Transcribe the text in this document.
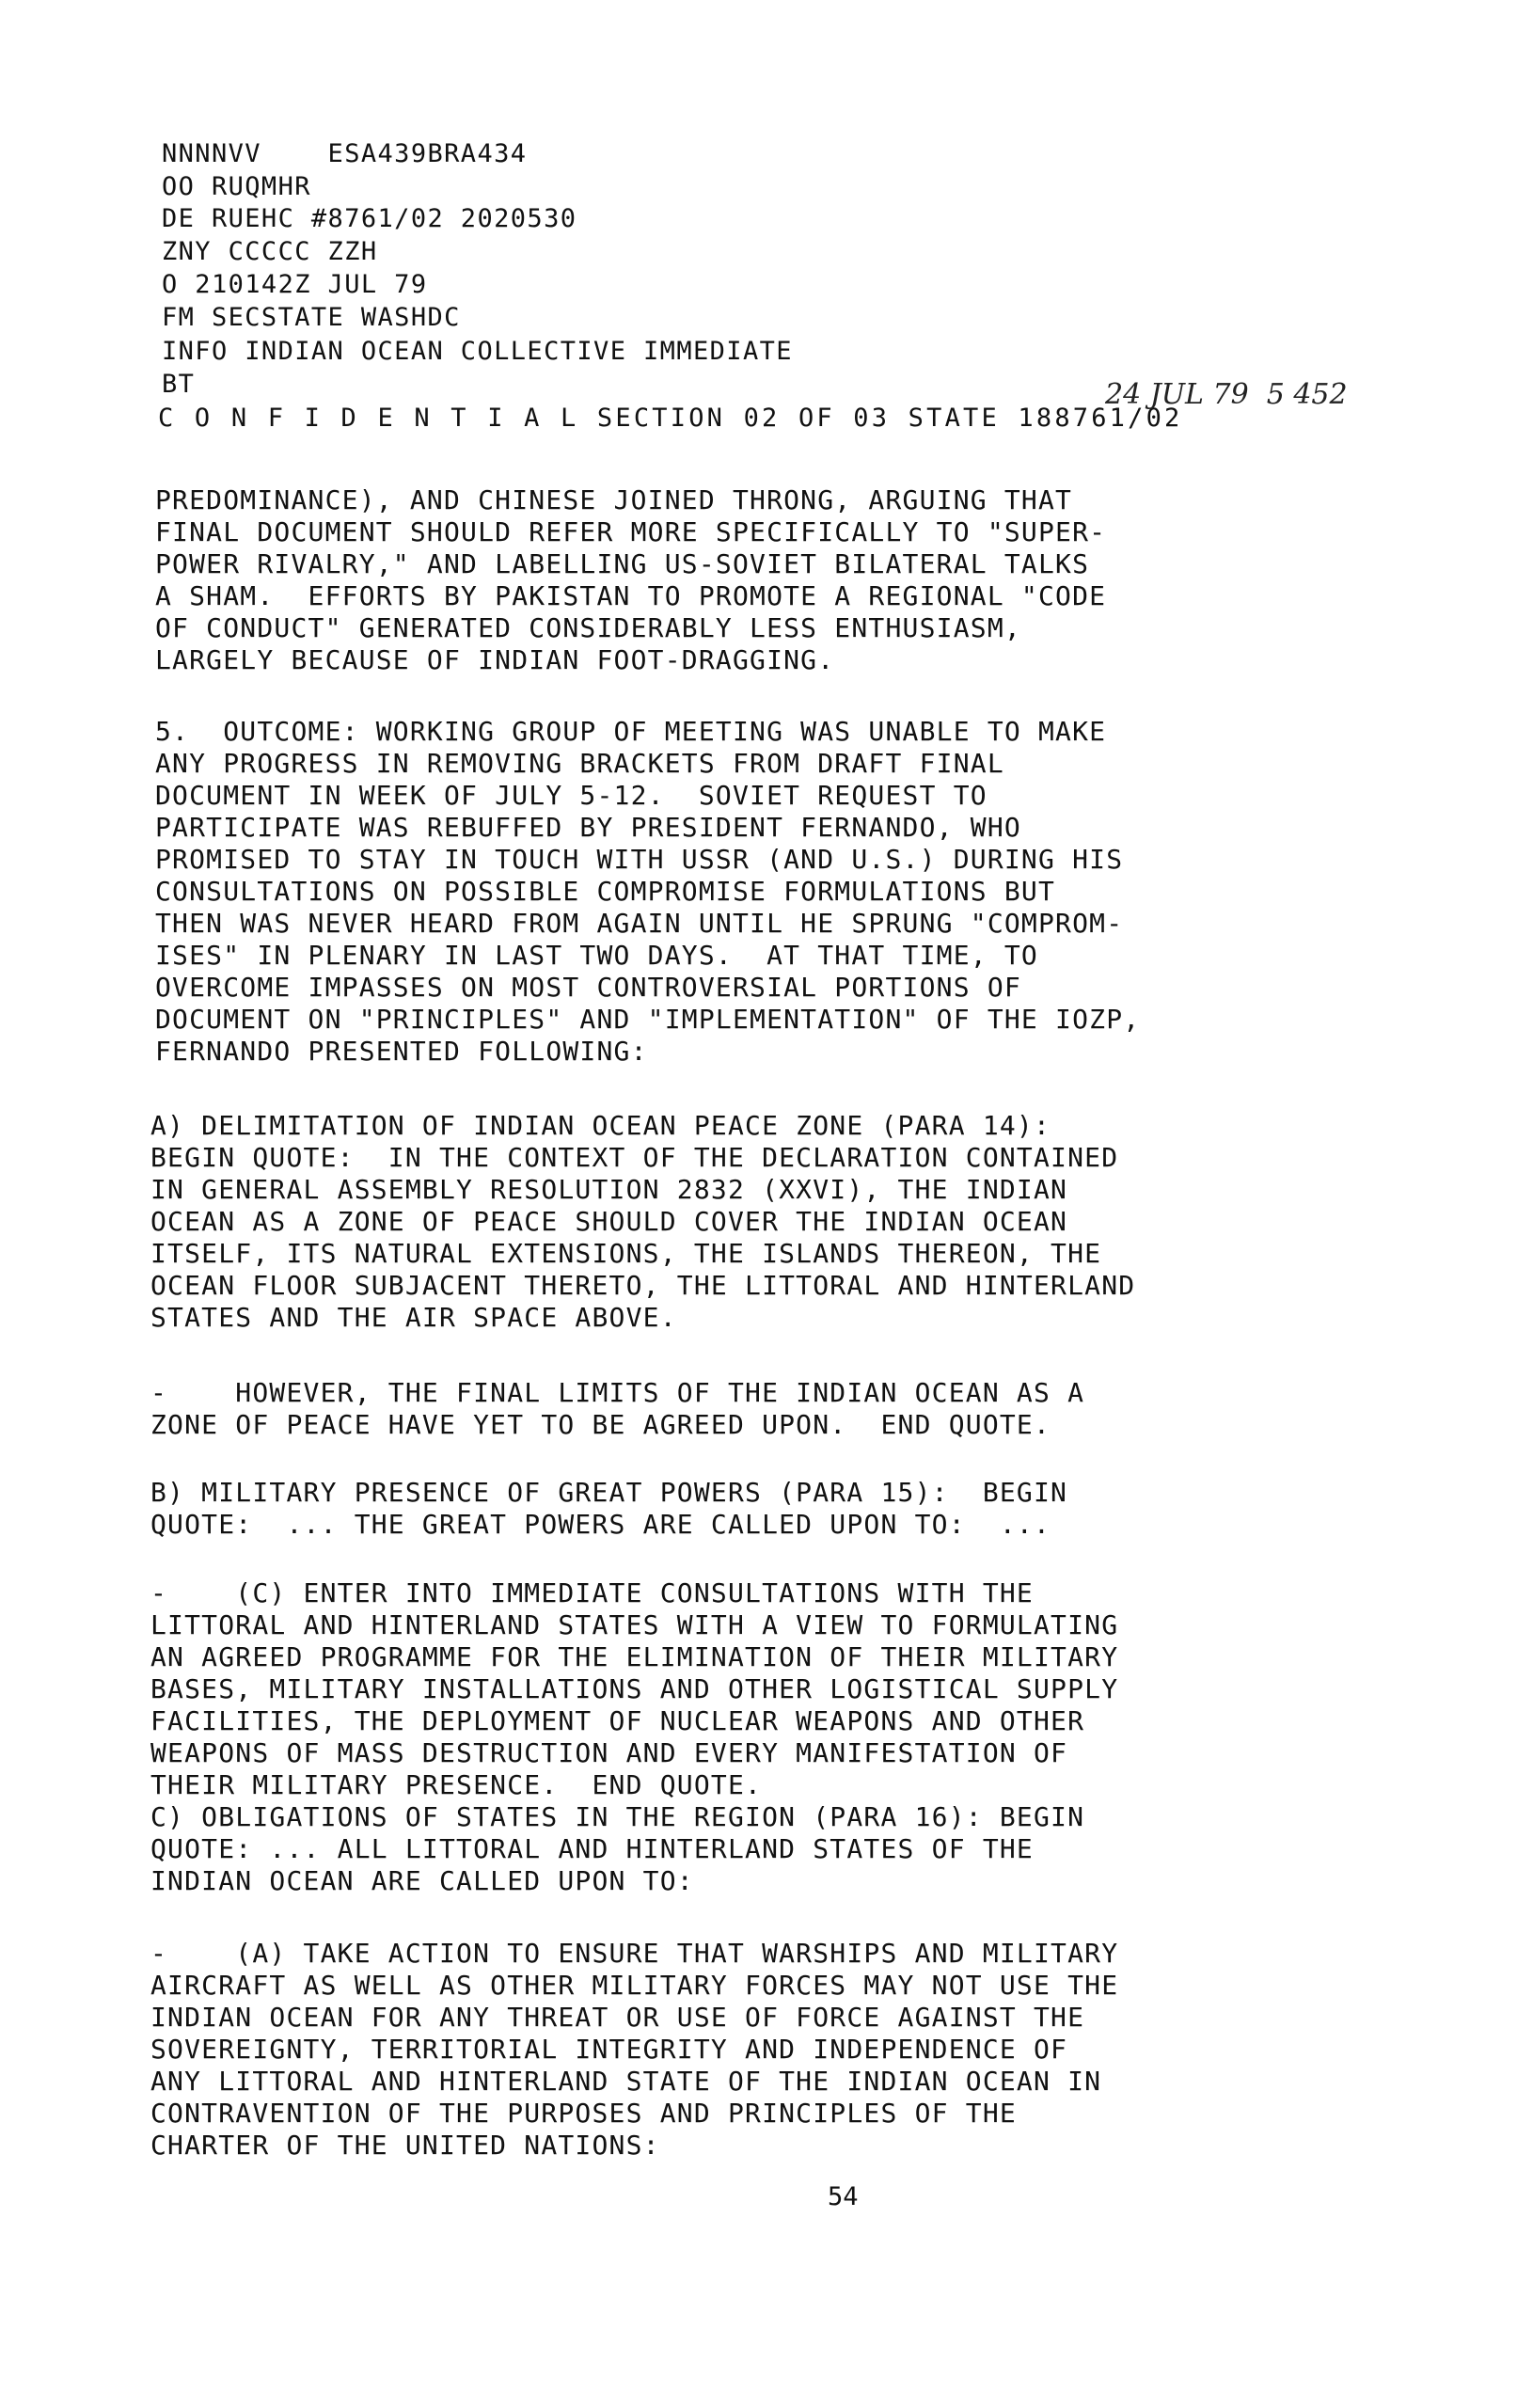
NNNNVV    ESA439BRA434
OO RUQMHR
DE RUEHC #8761/02 2020530
ZNY CCCCC ZZH
O 210142Z JUL 79
FM SECSTATE WASHDC
INFO INDIAN OCEAN COLLECTIVE IMMEDIATE
BT
C O N F I D E N T I A L SECTION 02 OF 03 STATE 188761/02
24 JUL 79  5 452
PREDOMINANCE), AND CHINESE JOINED THRONG, ARGUING THAT
FINAL DOCUMENT SHOULD REFER MORE SPECIFICALLY TO "SUPER-
POWER RIVALRY," AND LABELLING US-SOVIET BILATERAL TALKS
A SHAM.  EFFORTS BY PAKISTAN TO PROMOTE A REGIONAL "CODE
OF CONDUCT" GENERATED CONSIDERABLY LESS ENTHUSIASM,
LARGELY BECAUSE OF INDIAN FOOT-DRAGGING.
5.  OUTCOME: WORKING GROUP OF MEETING WAS UNABLE TO MAKE
ANY PROGRESS IN REMOVING BRACKETS FROM DRAFT FINAL
DOCUMENT IN WEEK OF JULY 5-12.  SOVIET REQUEST TO
PARTICIPATE WAS REBUFFED BY PRESIDENT FERNANDO, WHO
PROMISED TO STAY IN TOUCH WITH USSR (AND U.S.) DURING HIS
CONSULTATIONS ON POSSIBLE COMPROMISE FORMULATIONS BUT
THEN WAS NEVER HEARD FROM AGAIN UNTIL HE SPRUNG "COMPROM-
ISES" IN PLENARY IN LAST TWO DAYS.  AT THAT TIME, TO
OVERCOME IMPASSES ON MOST CONTROVERSIAL PORTIONS OF
DOCUMENT ON "PRINCIPLES" AND "IMPLEMENTATION" OF THE IOZP,
FERNANDO PRESENTED FOLLOWING:
A) DELIMITATION OF INDIAN OCEAN PEACE ZONE (PARA 14):
BEGIN QUOTE:  IN THE CONTEXT OF THE DECLARATION CONTAINED
IN GENERAL ASSEMBLY RESOLUTION 2832 (XXVI), THE INDIAN
OCEAN AS A ZONE OF PEACE SHOULD COVER THE INDIAN OCEAN
ITSELF, ITS NATURAL EXTENSIONS, THE ISLANDS THEREON, THE
OCEAN FLOOR SUBJACENT THERETO, THE LITTORAL AND HINTERLAND
STATES AND THE AIR SPACE ABOVE.
-    HOWEVER, THE FINAL LIMITS OF THE INDIAN OCEAN AS A
ZONE OF PEACE HAVE YET TO BE AGREED UPON.  END QUOTE.
B) MILITARY PRESENCE OF GREAT POWERS (PARA 15):  BEGIN
QUOTE:  ... THE GREAT POWERS ARE CALLED UPON TO:  ...
-    (C) ENTER INTO IMMEDIATE CONSULTATIONS WITH THE
LITTORAL AND HINTERLAND STATES WITH A VIEW TO FORMULATING
AN AGREED PROGRAMME FOR THE ELIMINATION OF THEIR MILITARY
BASES, MILITARY INSTALLATIONS AND OTHER LOGISTICAL SUPPLY
FACILITIES, THE DEPLOYMENT OF NUCLEAR WEAPONS AND OTHER
WEAPONS OF MASS DESTRUCTION AND EVERY MANIFESTATION OF
THEIR MILITARY PRESENCE.  END QUOTE.
C) OBLIGATIONS OF STATES IN THE REGION (PARA 16): BEGIN
QUOTE: ... ALL LITTORAL AND HINTERLAND STATES OF THE
INDIAN OCEAN ARE CALLED UPON TO:
-    (A) TAKE ACTION TO ENSURE THAT WARSHIPS AND MILITARY
AIRCRAFT AS WELL AS OTHER MILITARY FORCES MAY NOT USE THE
INDIAN OCEAN FOR ANY THREAT OR USE OF FORCE AGAINST THE
SOVEREIGNTY, TERRITORIAL INTEGRITY AND INDEPENDENCE OF
ANY LITTORAL AND HINTERLAND STATE OF THE INDIAN OCEAN IN
CONTRAVENTION OF THE PURPOSES AND PRINCIPLES OF THE
CHARTER OF THE UNITED NATIONS:
54
